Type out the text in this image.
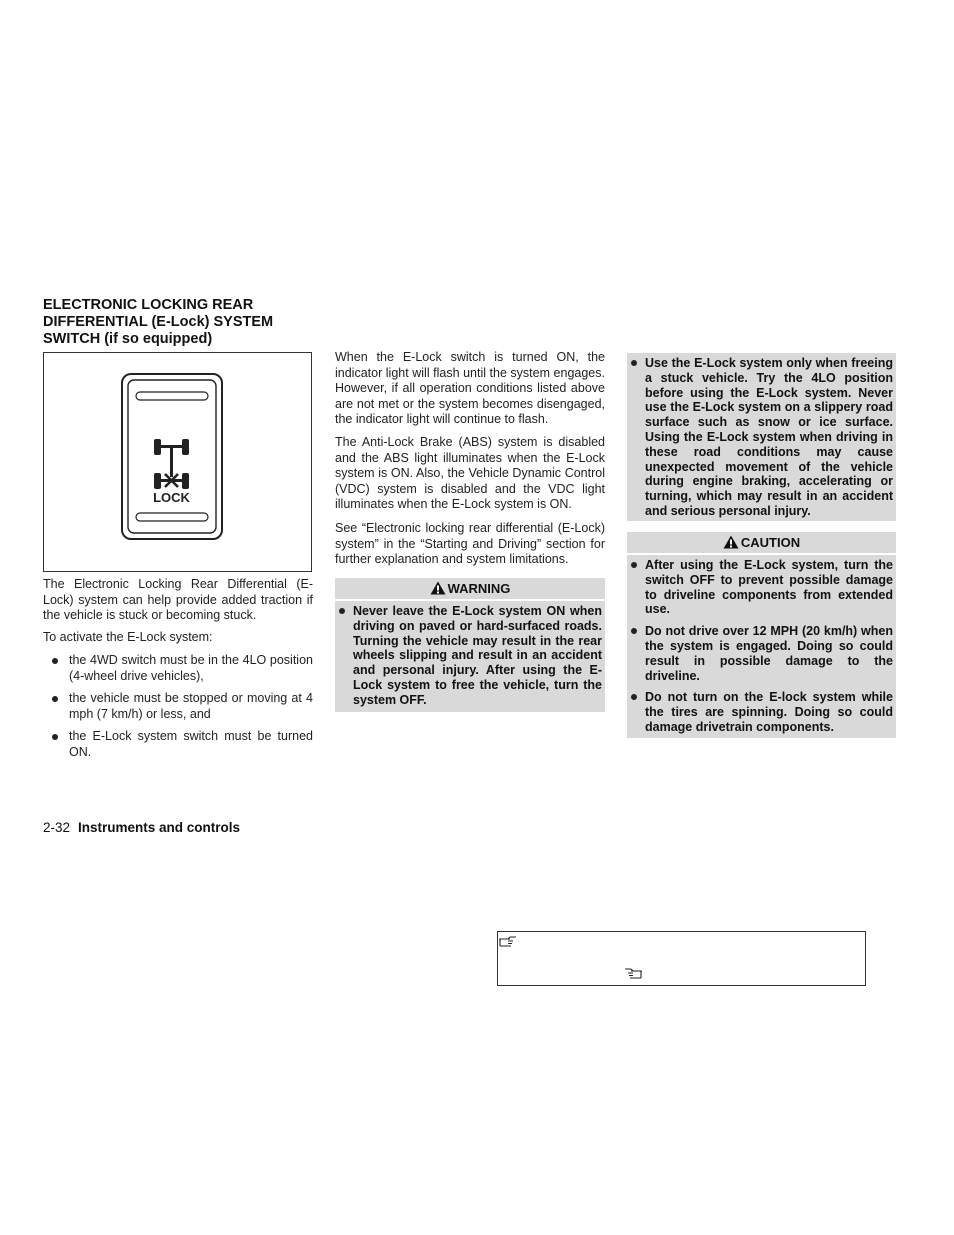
ELECTRONIC LOCKING REAR
DIFFERENTIAL (E-Lock) SYSTEM
SWITCH (if so equipped)
LOCK

The Electronic Locking Rear Differential (E-Lock) system can help provide added traction if the vehicle is stuck or becoming stuck.

To activate the E-Lock system:

the 4WD switch must be in the 4LO position (4-wheel drive vehicles),
the vehicle must be stopped or moving at 4 mph (7 km/h) or less, and
the E-Lock system switch must be turned ON.

When the E-Lock switch is turned ON, the indicator light will flash until the system engages. However, if all operation conditions listed above are not met or the system becomes disengaged, the indicator light will continue to flash.

The Anti-Lock Brake (ABS) system is disabled and the ABS light illuminates when the E-Lock system is ON. Also, the Vehicle Dynamic Control (VDC) system is disabled and the VDC light illuminates when the E-Lock system is ON.

See “Electronic locking rear differential (E-Lock) system” in the “Starting and Driving” section for further explanation and system limitations.

WARNING
Never leave the E-Lock system ON when driving on paved or hard-surfaced roads. Turning the vehicle may result in the rear wheels slipping and result in an accident and personal injury. After using the E-Lock system to free the vehicle, turn the system OFF.
Use the E-Lock system only when freeing a stuck vehicle. Try the 4LO position before using the E-Lock system. Never use the E-Lock system on a slippery road surface such as snow or ice surface. Using the E-Lock system when driving in these road conditions may cause unexpected movement of the vehicle during engine braking, accelerating or turning, which may result in an accident and serious personal injury.
CAUTION
After using the E-Lock system, turn the switch OFF to prevent possible damage to driveline components from extended use.
Do not drive over 12 MPH (20 km/h) when the system is engaged. Doing so could result in possible damage to the driveline.
Do not turn on the E-lock system while the tires are spinning. Doing so could damage drivetrain components.
2-32 Instruments and controls
